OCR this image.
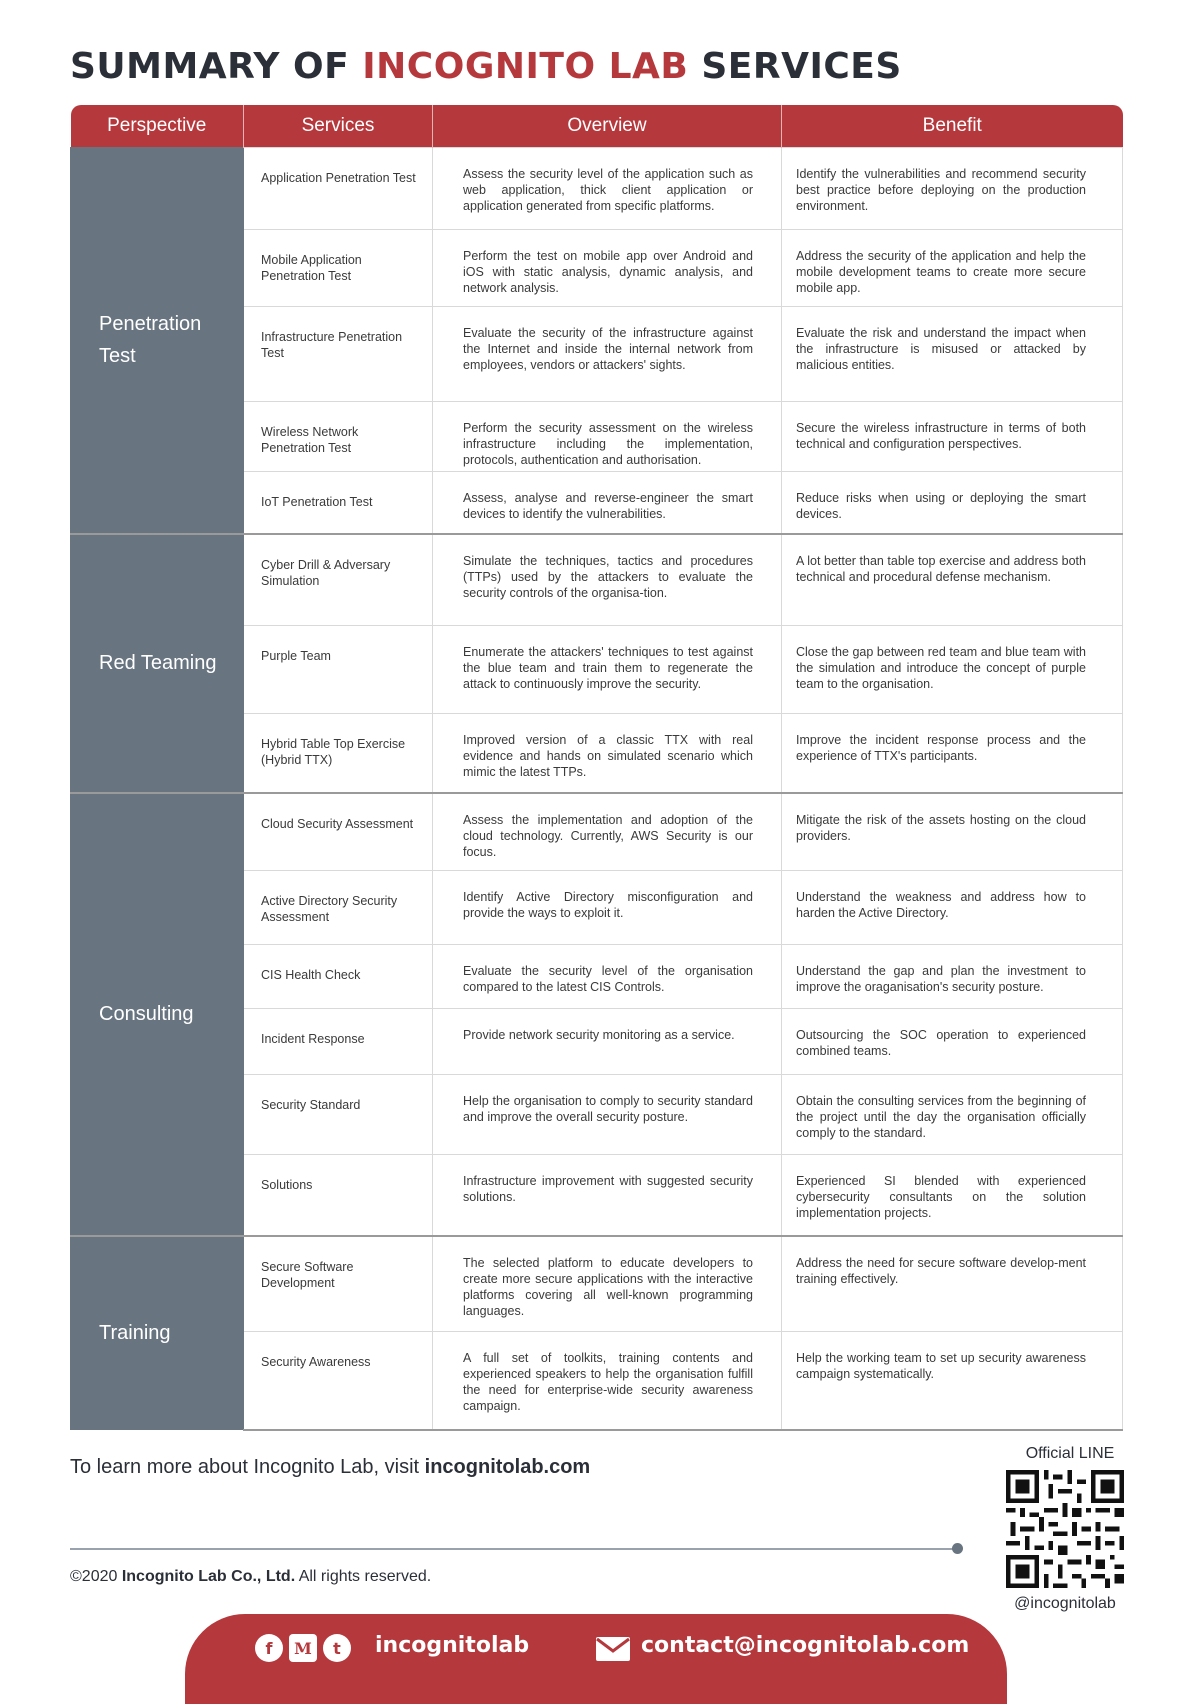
SUMMARY OF INCOGNITO LAB SERVICES
Perspective	Services	Overview	Benefit
Penetration Test	Application Penetration Test	Assess the security level of the application such as web application, thick client application or application generated from specific platforms.	Identify the vulnerabilities and recommend security best practice before deploying on the production environment.
	Mobile Application Penetration Test	Perform the test on mobile app over Android and iOS with static analysis, dynamic analysis, and network analysis.	Address the security of the application and help the mobile development teams to create more secure mobile app.
	Infrastructure Penetration Test	Evaluate the security of the infrastructure against the Internet and inside the internal network from employees, vendors or attackers' sights.	Evaluate the risk and understand the impact when the infrastructure is misused or attacked by malicious entities.
	Wireless Network Penetration Test	Perform the security assessment on the wireless infrastructure including the implementation, protocols, authentication and authorisation.	Secure the wireless infrastructure in terms of both technical and configuration perspectives.
	IoT Penetration Test	Assess, analyse and reverse-engineer the smart devices to identify the vulnerabilities.	Reduce risks when using or deploying the smart devices.
Red Teaming	Cyber Drill & Adversary Simulation	Simulate the techniques, tactics and procedures (TTPs) used by the attackers to evaluate the security controls of the organisa-tion.	A lot better than table top exercise and address both technical and procedural defense mechanism.
	Purple Team	Enumerate the attackers' techniques to test against the blue team and train them to regenerate the attack to continuously improve the security.	Close the gap between red team and blue team with the simulation and introduce the concept of purple team to the organisation.
	Hybrid Table Top Exercise (Hybrid TTX)	Improved version of a classic TTX with real evidence and hands on simulated scenario which mimic the latest TTPs.	Improve the incident response process and the experience of TTX's participants.
Consulting	Cloud Security Assessment	Assess the implementation and adoption of the cloud technology. Currently, AWS Security is our focus.	Mitigate the risk of the assets hosting on the cloud providers.
	Active Directory Security Assessment	Identify Active Directory misconfiguration and provide the ways to exploit it.	Understand the weakness and address how to harden the Active Directory.
	CIS Health Check	Evaluate the security level of the organisation compared to the latest CIS Controls.	Understand the gap and plan the investment to improve the oraganisation's security posture.
	Incident Response	Provide network security monitoring as a service.	Outsourcing the SOC operation to experienced combined teams.
	Security Standard	Help the organisation to comply to security standard and improve the overall security posture.	Obtain the consulting services from the beginning of the project until the day the organisation officially comply to the standard.
	Solutions	Infrastructure improvement with suggested security solutions.	Experienced SI blended with experienced cybersecurity consultants on the solution implementation projects.
Training	Secure Software Development	The selected platform to educate developers to create more secure applications with the interactive platforms covering all well-known programming languages.	Address the need for secure software develop-ment training effectively.
	Security Awareness	A full set of toolkits, training contents and experienced speakers to help the organisation fulfill the need for enterprise-wide security awareness campaign.	Help the working team to set up security awareness campaign systematically.
To learn more about Incognito Lab, visit incognitolab.com
©2020 Incognito Lab Co., Ltd. All rights reserved.
Official LINE
@incognitolab
f	M	t	incognitolab	contact@incognitolab.com
